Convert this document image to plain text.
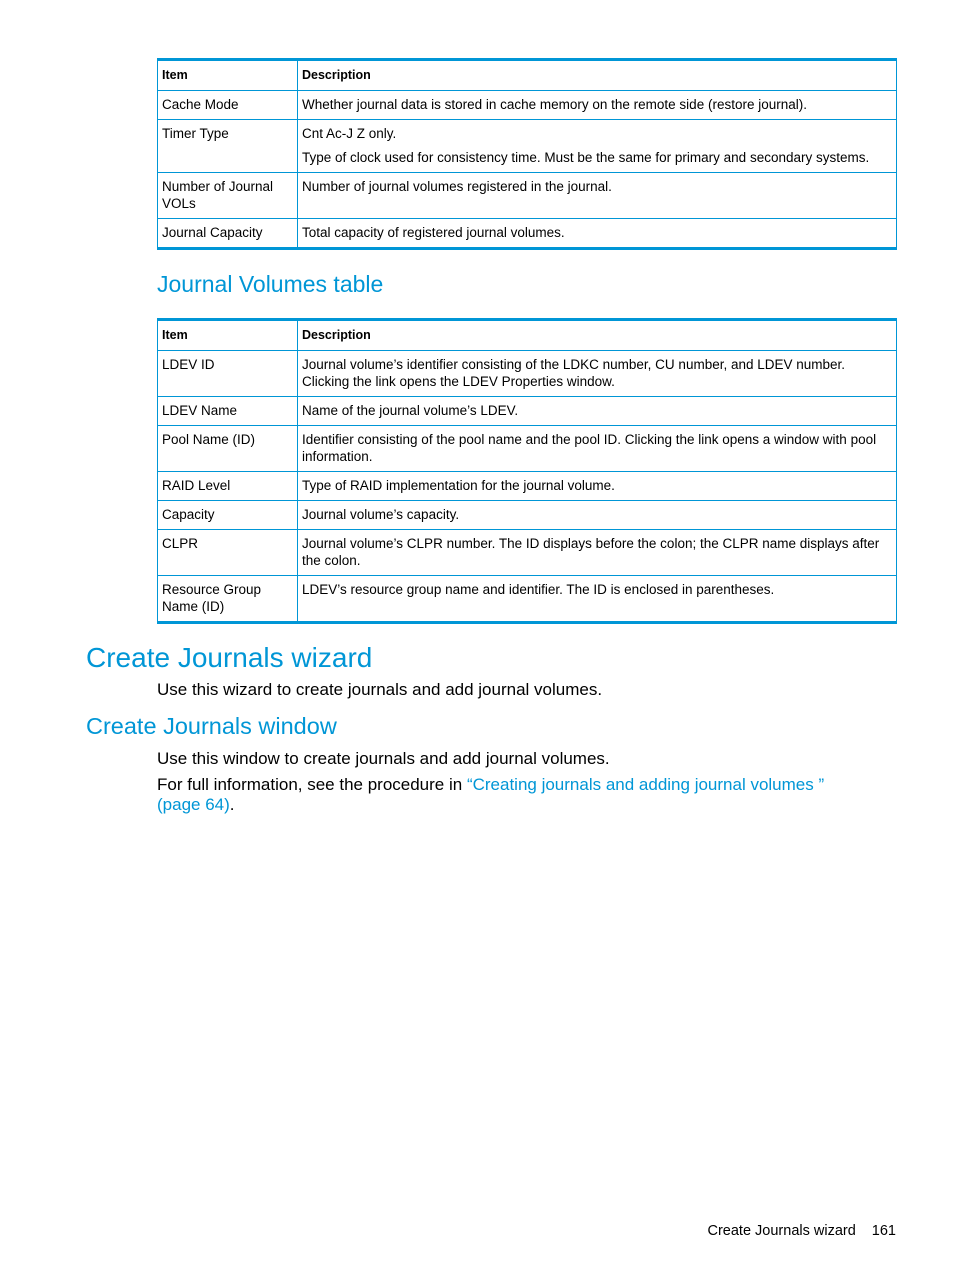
Item	Description
Cache Mode	Whether journal data is stored in cache memory on the remote side (restore journal).

Timer Type	Cnt Ac-J Z only.

Type of clock used for consistency time. Must be the same for primary and secondary systems.

Number of Journal VOLs	Number of journal volumes registered in the journal.

Journal Capacity	Total capacity of registered journal volumes.

Journal Volumes table
Item	Description
LDEV ID	Journal volume’s identifier consisting of the LDKC number, CU number, and LDEV number. Clicking the link opens the LDEV Properties window.

LDEV Name	Name of the journal volume’s LDEV.

Pool Name (ID)	Identifier consisting of the pool name and the pool ID. Clicking the link opens a window with pool information.

RAID Level	Type of RAID implementation for the journal volume.

Capacity	Journal volume’s capacity.

CLPR	Journal volume’s CLPR number. The ID displays before the colon; the CLPR name displays after the colon.

Resource Group Name (ID)	LDEV’s resource group name and identifier. The ID is enclosed in parentheses.

Create Journals wizard

Use this wizard to create journals and add journal volumes.

Create Journals window

Use this window to create journals and add journal volumes.

For full information, see the procedure in “Creating journals and adding journal volumes ” (page 64).

Create Journals wizard 161
